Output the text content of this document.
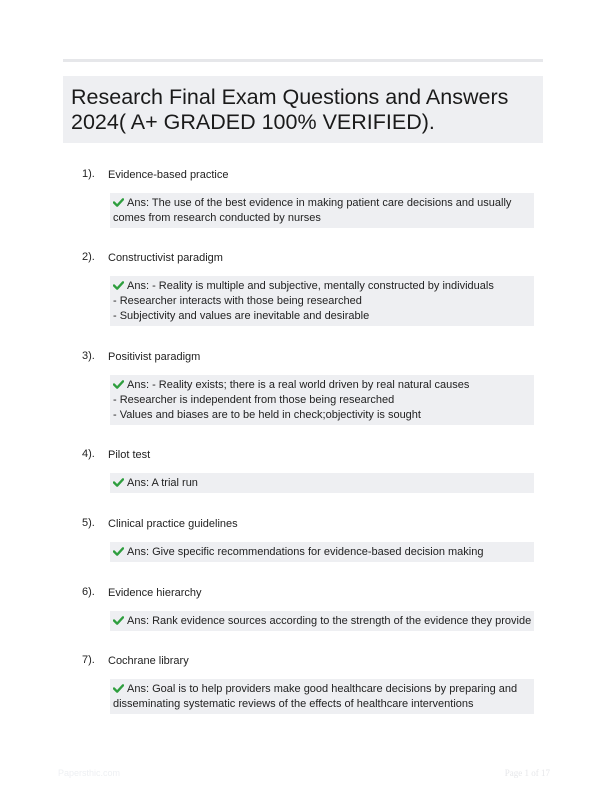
Research Final Exam Questions and Answers
2024( A+ GRADED 100% VERIFIED).
1). Evidence-based practice
Ans: The use of the best evidence in making patient care decisions and usually comes from research conducted by nurses
2). Constructivist paradigm
Ans: - Reality is multiple and subjective, mentally constructed by individuals
- Researcher interacts with those being researched
- Subjectivity and values are inevitable and desirable
3). Positivist paradigm
Ans: - Reality exists; there is a real world driven by real natural causes
- Researcher is independent from those being researched
- Values and biases are to be held in check;objectivity is sought
4). Pilot test
Ans: A trial run
5). Clinical practice guidelines
Ans: Give specific recommendations for evidence-based decision making
6). Evidence hierarchy
Ans: Rank evidence sources according to the strength of the evidence they provide
7). Cochrane library
Ans: Goal is to help providers make good healthcare decisions by preparing and disseminating systematic reviews of the effects of healthcare interventions
Papersthic.com	Page 1 of 17
